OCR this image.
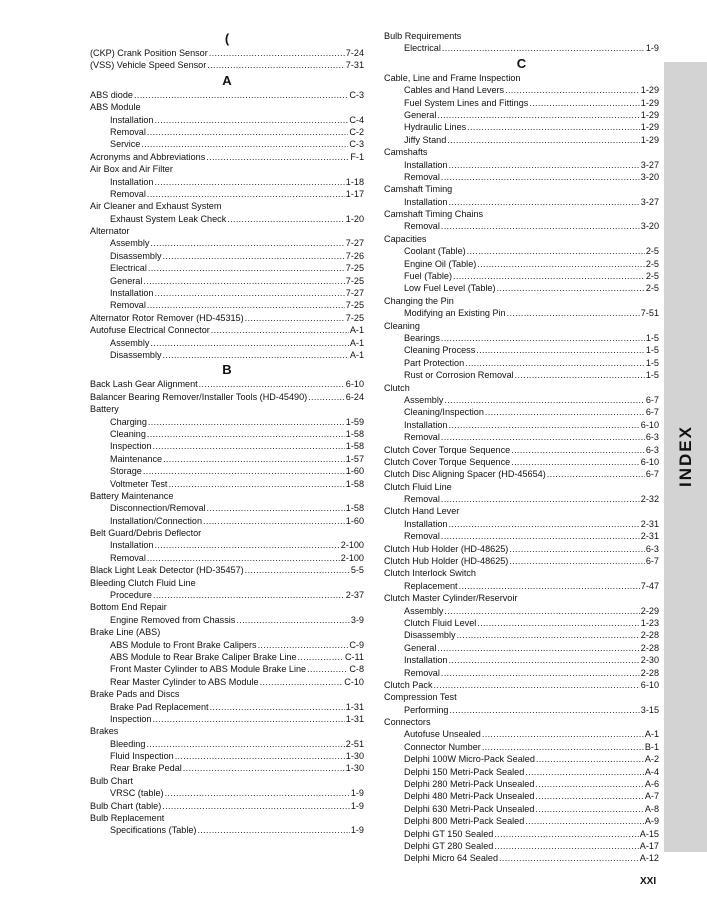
(
(CKP) Crank Position Sensor . . .	7-24
(VSS) Vehicle Speed Sensor . . .	7-31
A
ABS diode . . .	C-3
ABS Module
Installation . . .	C-4
Removal . . .	C-2
Service . . .	C-3
Acronyms and Abbreviations . . .	F-1
Air Box and Air Filter
Installation . . .	1-18
Removal . . .	1-17
Air Cleaner and Exhaust System
Exhaust System Leak Check . . .	1-20
Alternator
Assembly . . .	7-27
Disassembly . . .	7-26
Electrical . . .	7-25
General . . .	7-25
Installation . . .	7-27
Removal . . .	7-25
Alternator Rotor Remover (HD-45315) . . .	7-25
Autofuse Electrical Connector . . .	A-1
Assembly . . .	A-1
Disassembly . . .	A-1
B
Back Lash Gear Alignment . . .	6-10
Balancer Bearing Remover/Installer Tools (HD-45490) . . .	6-24
Battery
Charging . . .	1-59
Cleaning . . .	1-58
Inspection . . .	1-58
Maintenance . . .	1-57
Storage . . .	1-60
Voltmeter Test . . .	1-58
Battery Maintenance
Disconnection/Removal . . .	1-58
Installation/Connection . . .	1-60
Belt Guard/Debris Deflector
Installation . . .	2-100
Removal . . .	2-100
Black Light Leak Detector (HD-35457) . . .	5-5
Bleeding Clutch Fluid Line
Procedure . . .	2-37
Bottom End Repair
Engine Removed from Chassis . . .	3-9
Brake Line (ABS)
ABS Module to Front Brake Calipers . . .	C-9
ABS Module to Rear Brake Caliper Brake Line . . .	C-11
Front Master Cylinder to ABS Module Brake Line . . .	C-8
Rear Master Cylinder to ABS Module . . .	C-10
Brake Pads and Discs
Brake Pad Replacement . . .	1-31
Inspection . . .	1-31
Brakes
Bleeding . . .	2-51
Fluid Inspection . . .	1-30
Rear Brake Pedal . . .	1-30
Bulb Chart
VRSC (table) . . .	1-9
Bulb Chart (table) . . .	1-9
Bulb Replacement
Specifications (Table) . . .	1-9
Bulb Requirements
Electrical . . .	1-9
C
Cable, Line and Frame Inspection
Cables and Hand Levers . . .	1-29
Fuel System Lines and Fittings . . .	1-29
General . . .	1-29
Hydraulic Lines . . .	1-29
Jiffy Stand . . .	1-29
Camshafts
Installation . . .	3-27
Removal . . .	3-20
Camshaft Timing
Installation . . .	3-27
Camshaft Timing Chains
Removal . . .	3-20
Capacities
Coolant (Table) . . .	2-5
Engine Oil (Table) . . .	2-5
Fuel (Table) . . .	2-5
Low Fuel Level (Table) . . .	2-5
Changing the Pin
Modifying an Existing Pin . . .	7-51
Cleaning
Bearings . . .	1-5
Cleaning Process . . .	1-5
Part Protection . . .	1-5
Rust or Corrosion Removal . . .	1-5
Clutch
Assembly . . .	6-7
Cleaning/Inspection . . .	6-7
Installation . . .	6-10
Removal . . .	6-3
Clutch Cover Torque Sequence . . .	6-3
Clutch Cover Torque Sequence . . .	6-10
Clutch Disc Aligning Spacer (HD-45654) . . .	6-7
Clutch Fluid Line
Removal . . .	2-32
Clutch Hand Lever
Installation . . .	2-31
Removal . . .	2-31
Clutch Hub Holder (HD-48625) . . .	6-3
Clutch Hub Holder (HD-48625) . . .	6-7
Clutch Interlock Switch
Replacement . . .	7-47
Clutch Master Cylinder/Reservoir
Assembly . . .	2-29
Clutch Fluid Level . . .	1-23
Disassembly . . .	2-28
General . . .	2-28
Installation . . .	2-30
Removal . . .	2-28
Clutch Pack . . .	6-10
Compression Test
Performing . . .	3-15
Connectors
Autofuse Unsealed . . .	A-1
Connector Number . . .	B-1
Delphi 100W Micro-Pack Sealed . . .	A-2
Delphi 150 Metri-Pack Sealed . . .	A-4
Delphi 280 Metri-Pack Unsealed . . .	A-6
Delphi 480 Metri-Pack Unsealed . . .	A-7
Delphi 630 Metri-Pack Unsealed . . .	A-8
Delphi 800 Metri-Pack Sealed . . .	A-9
Delphi GT 150 Sealed . . .	A-15
Delphi GT 280 Sealed . . .	A-17
Delphi Micro 64 Sealed . . .	A-12
INDEX
XXI
